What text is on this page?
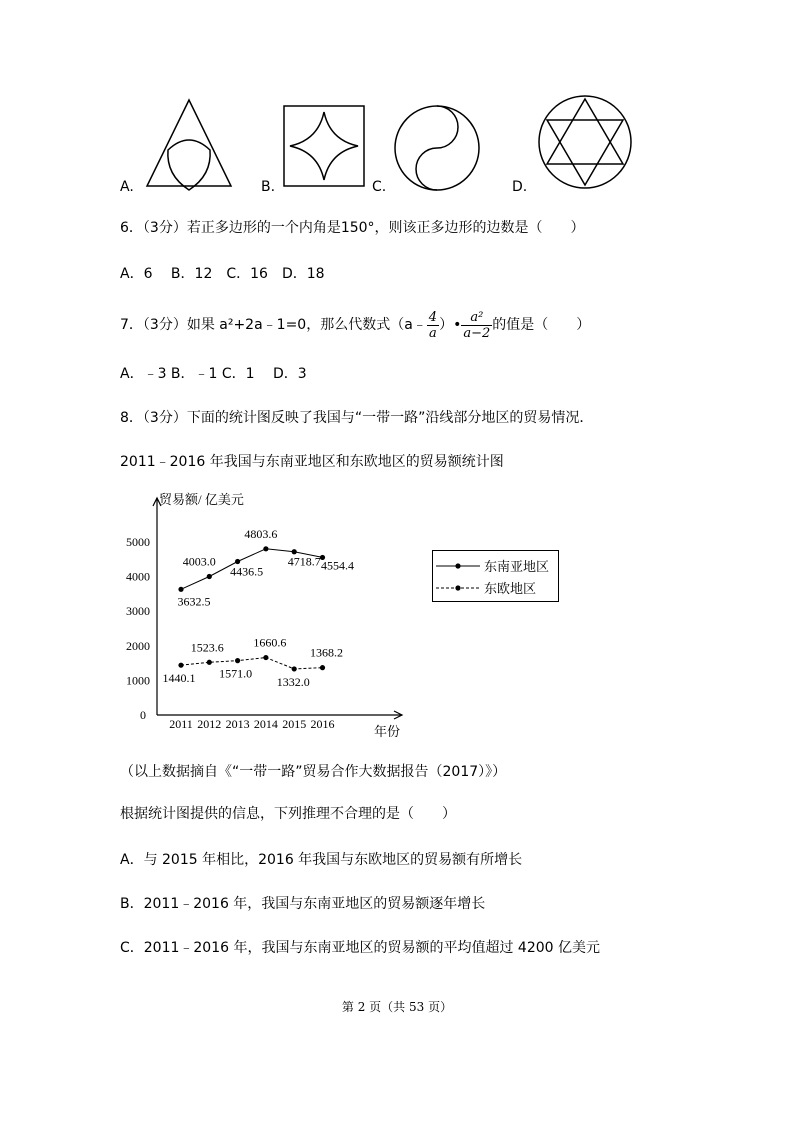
A.	B.	C.	D.
6．（3分）若正多边形的一个内角是150°，则该正多边形的边数是（　　）
A．6　 B．12　C．16　D．18
7．（3分）如果 a²+2a﹣1=0，那么代数式（a﹣ $\frac{4}{a}$ ）• $\frac{\text{a²}}{a-2}$ 的值是（　　）
A．﹣3 B．﹣1 C．1　 D．3
8．（3分）下面的统计图反映了我国与“一带一路”沿线部分地区的贸易情况．
2011﹣2016 年我国与东南亚地区和东欧地区的贸易额统计图
贸易额/ 亿美元
年份
0
1000
2000
3000
4000
5000
2011 2012 2013 2014 2015 2016
3632.5
4003.0
4436.5
4803.6
4718.7 4554.4
1440.1
1523.6
1571.0
1660.6
1332.0
1368.2
东南亚地区
东欧地区
（以上数据摘自《“一带一路”贸易合作大数据报告（2017）》）
根据统计图提供的信息，下列推理不合理的是（　　）
A．与 2015 年相比，2016 年我国与东欧地区的贸易额有所增长
B．2011﹣2016 年，我国与东南亚地区的贸易额逐年增长
C．2011﹣2016 年，我国与东南亚地区的贸易额的平均值超过 4200 亿美元
第 2 页（共 53 页）
